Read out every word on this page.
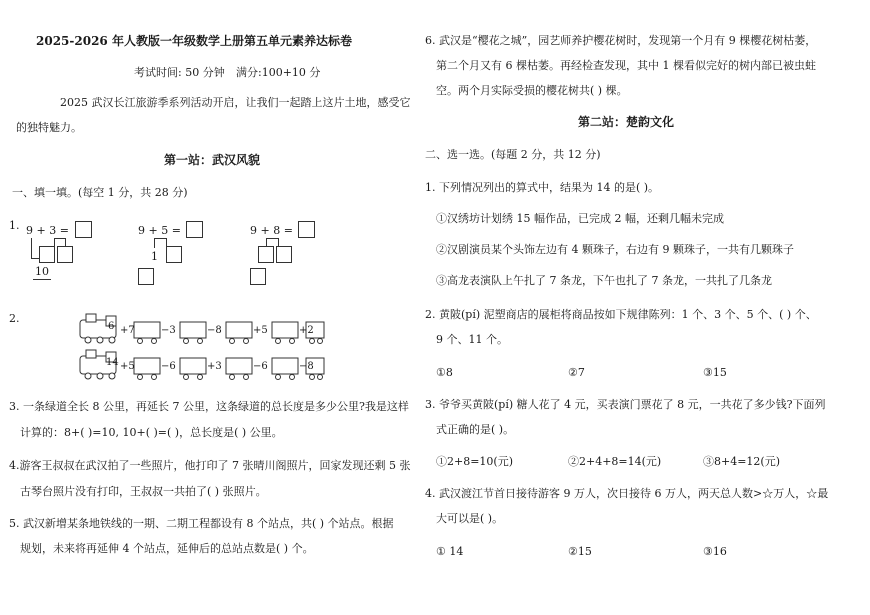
2025-2026 年人教版一年级数学上册第五单元素养达标卷
考试时间: 50 分钟 满分:100+10 分
2025 武汉长江旅游季系列活动开启，让我们一起踏上这片土地，感受它
的独特魅力。
第一站：武汉风貌
一、填一填。(每空 1 分，共 28 分)
1. 9 + 3 =
10
9 + 5 =
1
9 + 8 =
2.
6 +7	−3	−8	+5	+2
14 +5	−6	+3	−6	−8
3. 一条绿道全长 8 公里，再延长 7 公里，这条绿道的总长度是多少公里?我是这样
计算的：8+( )=10, 10+( )=( )，总长度是( ) 公里。
4.游客王叔叔在武汉拍了一些照片，他打印了 7 张晴川阁照片，回家发现还剩 5 张
古琴台照片没有打印，王叔叔一共拍了( ) 张照片。
5. 武汉新增某条地铁线的一期、二期工程都设有 8 个站点，共( ) 个站点。根据
规划，未来将再延伸 4 个站点，延伸后的总站点数是( ) 个。
6. 武汉是“樱花之城”，园艺师养护樱花树时，发现第一个月有 9 棵樱花树枯萎，
第二个月又有 6 棵枯萎。再经检查发现，其中 1 棵看似完好的树内部已被虫蛀
空。两个月实际受损的樱花树共( ) 棵。
第二站：楚韵文化
二、选一选。(每题 2 分，共 12 分)
1. 下列情况列出的算式中，结果为 14 的是( )。
①汉绣坊计划绣 15 幅作品，已完成 2 幅，还剩几幅未完成
②汉剧演员某个头饰左边有 4 颗珠子，右边有 9 颗珠子，一共有几颗珠子
③高龙表演队上午扎了 7 条龙，下午也扎了 7 条龙，一共扎了几条龙
2. 黄陂(pí) 泥塑商店的展柜将商品按如下规律陈列：1 个、3 个、5 个、( ) 个、
9 个、11 个。
①8	②7	③15
3. 爷爷买黄陂(pí) 糖人花了 4 元，买表演门票花了 8 元，一共花了多少钱?下面列
式正确的是( )。
①2+8=10(元)	②2+4+8=14(元)	③8+4=12(元)
4. 武汉渡江节首日接待游客 9 万人，次日接待 6 万人，两天总人数>☆万人，☆最
大可以是( )。
① 14	②15	③16
